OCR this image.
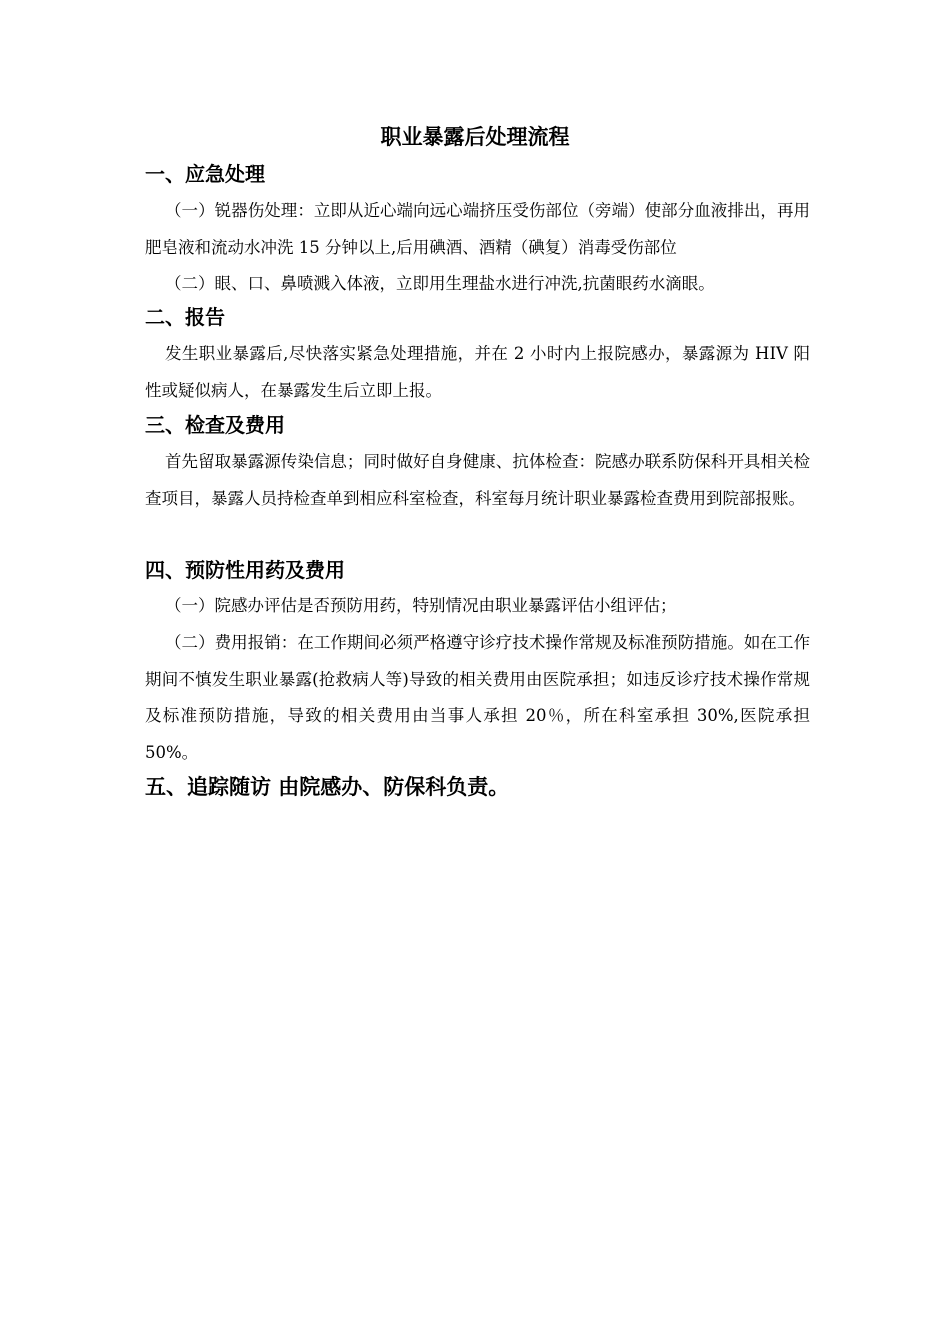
职业暴露后处理流程
一、应急处理

（一）锐器伤处理：立即从近心端向远心端挤压受伤部位（旁端）使部分血液排出，再用肥皂液和流动水冲洗 15 分钟以上,后用碘酒、酒精（碘复）消毒受伤部位

（二）眼、口、鼻喷溅入体液，立即用生理盐水进行冲洗,抗菌眼药水滴眼。

二、报告

发生职业暴露后,尽快落实紧急处理措施，并在 2 小时内上报院感办，暴露源为 HIV 阳性或疑似病人，在暴露发生后立即上报。

三、检查及费用

首先留取暴露源传染信息；同时做好自身健康、抗体检查：院感办联系防保科开具相关检查项目，暴露人员持检查单到相应科室检查，科室每月统计职业暴露检查费用到院部报账。

四、预防性用药及费用

（一）院感办评估是否预防用药，特别情况由职业暴露评估小组评估；

（二）费用报销：在工作期间必须严格遵守诊疗技术操作常规及标准预防措施。如在工作期间不慎发生职业暴露(抢救病人等)导致的相关费用由医院承担；如违反诊疗技术操作常规及标准预防措施，导致的相关费用由当事人承担 20％，所在科室承担 30%,医院承担 50%。

五、追踪随访 由院感办、防保科负责。
